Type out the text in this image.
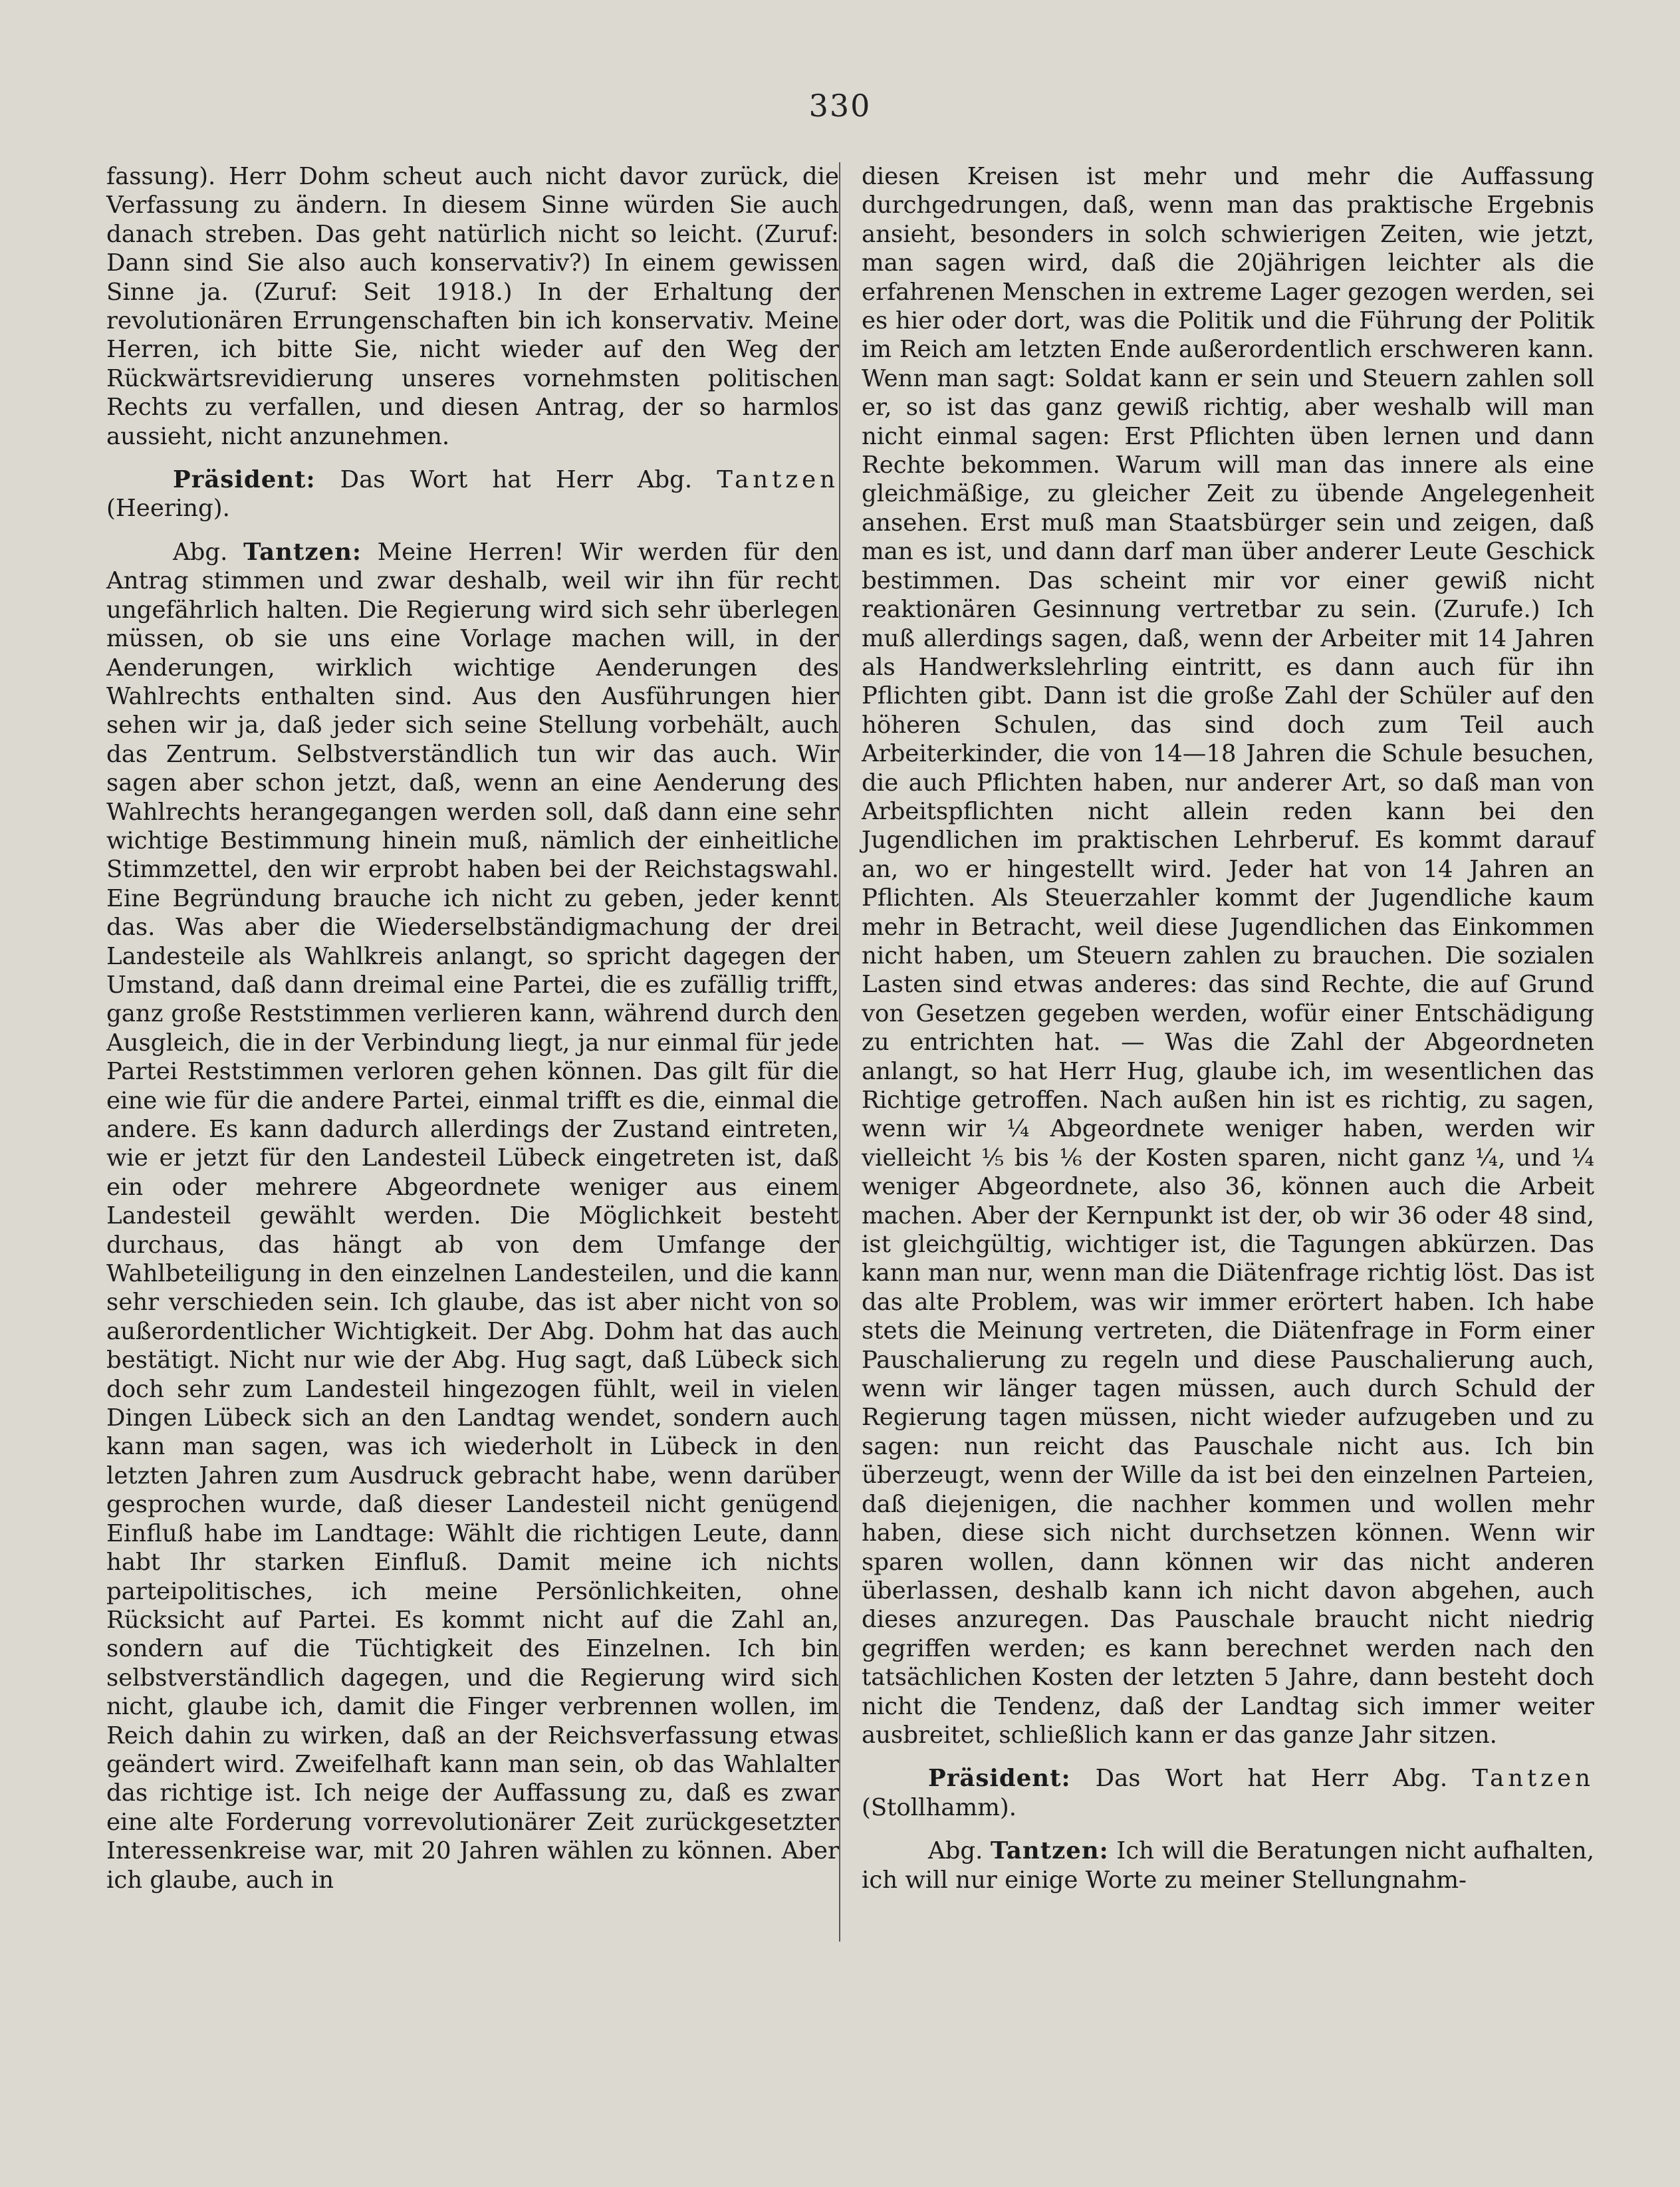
330

fassung). Herr Dohm scheut auch nicht davor zurück, die Verfassung zu ändern. In diesem Sinne würden Sie auch danach streben. Das geht natürlich nicht so leicht. (Zuruf: Dann sind Sie also auch konservativ?) In einem gewissen Sinne ja. (Zuruf: Seit 1918.) In der Erhaltung der revolutionären Errungenschaften bin ich konservativ. Meine Herren, ich bitte Sie, nicht wieder auf den Weg der Rückwärtsrevidierung unseres vornehmsten politischen Rechts zu verfallen, und diesen Antrag, der so harmlos aussieht, nicht anzunehmen.

Präsident: Das Wort hat Herr Abg. Tantzen (Heering).

Abg. Tantzen: Meine Herren! Wir werden für den Antrag stimmen und zwar deshalb, weil wir ihn für recht ungefährlich halten. Die Regierung wird sich sehr überlegen müssen, ob sie uns eine Vorlage machen will, in der Aenderungen, wirklich wichtige Aenderungen des Wahlrechts enthalten sind. Aus den Ausführungen hier sehen wir ja, daß jeder sich seine Stellung vorbehält, auch das Zentrum. Selbstverständlich tun wir das auch. Wir sagen aber schon jetzt, daß, wenn an eine Aenderung des Wahlrechts herangegangen werden soll, daß dann eine sehr wichtige Bestimmung hinein muß, nämlich der einheitliche Stimmzettel, den wir erprobt haben bei der Reichstagswahl. Eine Begründung brauche ich nicht zu geben, jeder kennt das. Was aber die Wiederselbständigmachung der drei Landesteile als Wahlkreis anlangt, so spricht dagegen der Umstand, daß dann dreimal eine Partei, die es zufällig trifft, ganz große Reststimmen verlieren kann, während durch den Ausgleich, die in der Verbindung liegt, ja nur einmal für jede Partei Reststimmen verloren gehen können. Das gilt für die eine wie für die andere Partei, einmal trifft es die, einmal die andere. Es kann dadurch allerdings der Zustand eintreten, wie er jetzt für den Landesteil Lübeck eingetreten ist, daß ein oder mehrere Abgeordnete weniger aus einem Landesteil gewählt werden. Die Möglichkeit besteht durchaus, das hängt ab von dem Umfange der Wahlbeteiligung in den einzelnen Landesteilen, und die kann sehr verschieden sein. Ich glaube, das ist aber nicht von so außerordentlicher Wichtigkeit. Der Abg. Dohm hat das auch bestätigt. Nicht nur wie der Abg. Hug sagt, daß Lübeck sich doch sehr zum Landesteil hingezogen fühlt, weil in vielen Dingen Lübeck sich an den Landtag wendet, sondern auch kann man sagen, was ich wiederholt in Lübeck in den letzten Jahren zum Ausdruck gebracht habe, wenn darüber gesprochen wurde, daß dieser Landesteil nicht genügend Einfluß habe im Landtage: Wählt die richtigen Leute, dann habt Ihr starken Einfluß. Damit meine ich nichts parteipolitisches, ich meine Persönlichkeiten, ohne Rücksicht auf Partei. Es kommt nicht auf die Zahl an, sondern auf die Tüchtigkeit des Einzelnen. Ich bin selbstverständlich dagegen, und die Regierung wird sich nicht, glaube ich, damit die Finger verbrennen wollen, im Reich dahin zu wirken, daß an der Reichsverfassung etwas geändert wird. Zweifelhaft kann man sein, ob das Wahlalter das richtige ist. Ich neige der Auffassung zu, daß es zwar eine alte Forderung vorrevolutionärer Zeit zurückgesetzter Interessenkreise war, mit 20 Jahren wählen zu können. Aber ich glaube, auch in

diesen Kreisen ist mehr und mehr die Auffassung durchgedrungen, daß, wenn man das praktische Ergebnis ansieht, besonders in solch schwierigen Zeiten, wie jetzt, man sagen wird, daß die 20jährigen leichter als die erfahrenen Menschen in extreme Lager gezogen werden, sei es hier oder dort, was die Politik und die Führung der Politik im Reich am letzten Ende außerordentlich erschweren kann. Wenn man sagt: Soldat kann er sein und Steuern zahlen soll er, so ist das ganz gewiß richtig, aber weshalb will man nicht einmal sagen: Erst Pflichten üben lernen und dann Rechte bekommen. Warum will man das innere als eine gleichmäßige, zu gleicher Zeit zu übende Angelegenheit ansehen. Erst muß man Staatsbürger sein und zeigen, daß man es ist, und dann darf man über anderer Leute Geschick bestimmen. Das scheint mir vor einer gewiß nicht reaktionären Gesinnung vertretbar zu sein. (Zurufe.) Ich muß allerdings sagen, daß, wenn der Arbeiter mit 14 Jahren als Handwerkslehrling eintritt, es dann auch für ihn Pflichten gibt. Dann ist die große Zahl der Schüler auf den höheren Schulen, das sind doch zum Teil auch Arbeiterkinder, die von 14—18 Jahren die Schule besuchen, die auch Pflichten haben, nur anderer Art, so daß man von Arbeitspflichten nicht allein reden kann bei den Jugendlichen im praktischen Lehrberuf. Es kommt darauf an, wo er hingestellt wird. Jeder hat von 14 Jahren an Pflichten. Als Steuerzahler kommt der Jugendliche kaum mehr in Betracht, weil diese Jugendlichen das Einkommen nicht haben, um Steuern zahlen zu brauchen. Die sozialen Lasten sind etwas anderes: das sind Rechte, die auf Grund von Gesetzen gegeben werden, wofür einer Entschädigung zu entrichten hat. — Was die Zahl der Abgeordneten anlangt, so hat Herr Hug, glaube ich, im wesentlichen das Richtige getroffen. Nach außen hin ist es richtig, zu sagen, wenn wir ¼ Abgeordnete weniger haben, werden wir vielleicht ⅕ bis ⅙ der Kosten sparen, nicht ganz ¼, und ¼ weniger Abgeordnete, also 36, können auch die Arbeit machen. Aber der Kernpunkt ist der, ob wir 36 oder 48 sind, ist gleichgültig, wichtiger ist, die Tagungen abkürzen. Das kann man nur, wenn man die Diätenfrage richtig löst. Das ist das alte Problem, was wir immer erörtert haben. Ich habe stets die Meinung vertreten, die Diätenfrage in Form einer Pauschalierung zu regeln und diese Pauschalierung auch, wenn wir länger tagen müssen, auch durch Schuld der Regierung tagen müssen, nicht wieder aufzugeben und zu sagen: nun reicht das Pauschale nicht aus. Ich bin überzeugt, wenn der Wille da ist bei den einzelnen Parteien, daß diejenigen, die nachher kommen und wollen mehr haben, diese sich nicht durchsetzen können. Wenn wir sparen wollen, dann können wir das nicht anderen überlassen, deshalb kann ich nicht davon abgehen, auch dieses anzuregen. Das Pauschale braucht nicht niedrig gegriffen werden; es kann berechnet werden nach den tatsächlichen Kosten der letzten 5 Jahre, dann besteht doch nicht die Tendenz, daß der Landtag sich immer weiter ausbreitet, schließlich kann er das ganze Jahr sitzen.

Präsident: Das Wort hat Herr Abg. Tantzen (Stollhamm).

Abg. Tantzen: Ich will die Beratungen nicht aufhalten, ich will nur einige Worte zu meiner Stellungnahm-
